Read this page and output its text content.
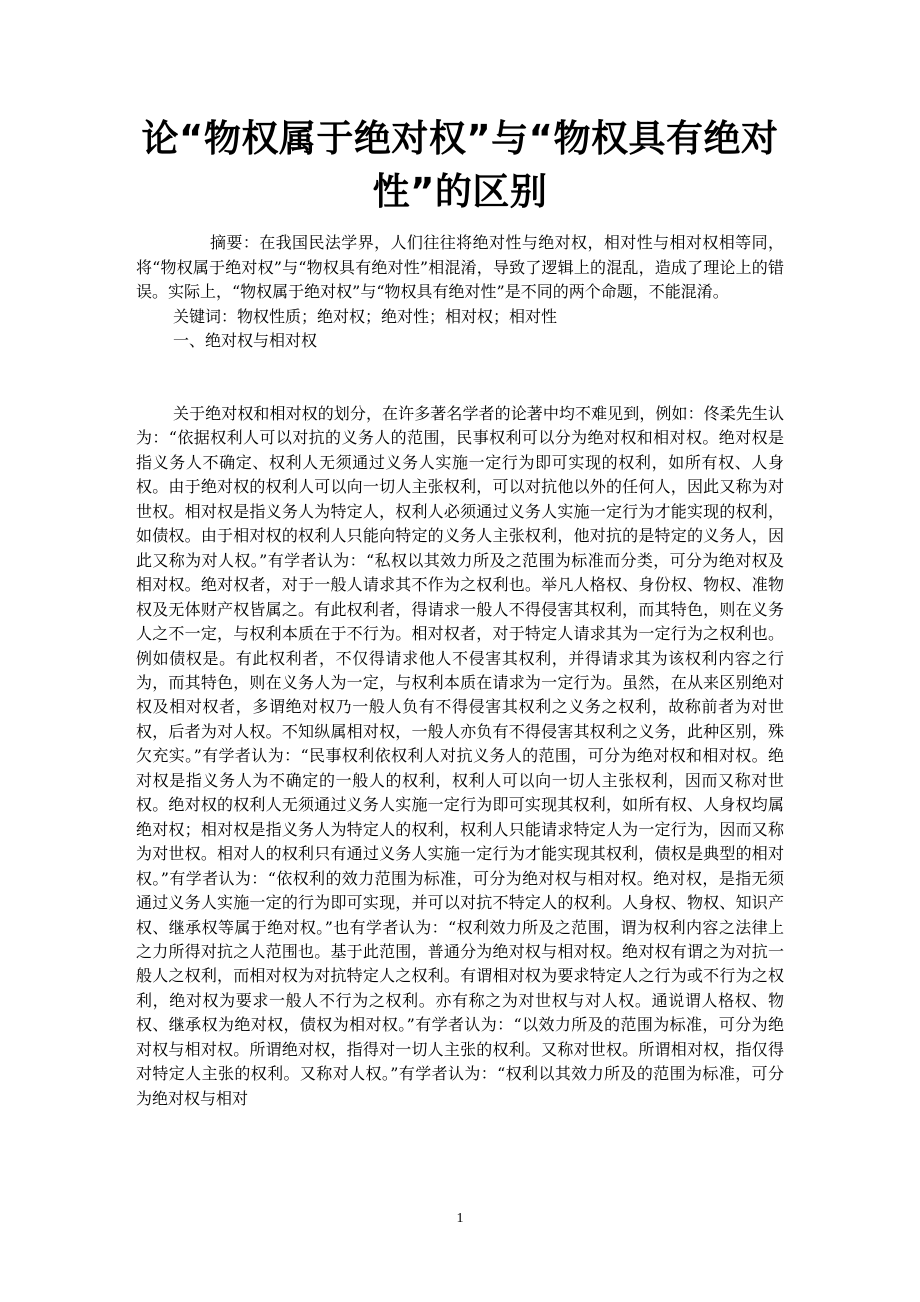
论“物权属于绝对权”与“物权具有绝对性”的区别

摘要：在我国民法学界，人们往往将绝对性与绝对权，相对性与相对权相等同，将“物权属于绝对权”与“物权具有绝对性”相混淆，导致了逻辑上的混乱，造成了理论上的错误。实际上，“物权属于绝对权”与“物权具有绝对性”是不同的两个命题，不能混淆。

关键词：物权性质；绝对权；绝对性；相对权；相对性

一、绝对权与相对权

关于绝对权和相对权的划分，在许多著名学者的论著中均不难见到，例如：佟柔先生认为：“依据权利人可以对抗的义务人的范围，民事权利可以分为绝对权和相对权。绝对权是指义务人不确定、权利人无须通过义务人实施一定行为即可实现的权利，如所有权、人身权。由于绝对权的权利人可以向一切人主张权利，可以对抗他以外的任何人，因此又称为对世权。相对权是指义务人为特定人，权利人必须通过义务人实施一定行为才能实现的权利，如债权。由于相对权的权利人只能向特定的义务人主张权利，他对抗的是特定的义务人，因此又称为对人权。”有学者认为：“私权以其效力所及之范围为标准而分类，可分为绝对权及相对权。绝对权者，对于一般人请求其不作为之权利也。举凡人格权、身份权、物权、准物权及无体财产权皆属之。有此权利者，得请求一般人不得侵害其权利，而其特色，则在义务人之不一定，与权利本质在于不行为。相对权者，对于特定人请求其为一定行为之权利也。例如债权是。有此权利者，不仅得请求他人不侵害其权利，并得请求其为该权利内容之行为，而其特色，则在义务人为一定，与权利本质在请求为一定行为。虽然，在从来区别绝对权及相对权者，多谓绝对权乃一般人负有不得侵害其权利之义务之权利，故称前者为对世权，后者为对人权。不知纵属相对权，一般人亦负有不得侵害其权利之义务，此种区别，殊欠充实。”有学者认为：“民事权利依权利人对抗义务人的范围，可分为绝对权和相对权。绝对权是指义务人为不确定的一般人的权利，权利人可以向一切人主张权利，因而又称对世权。绝对权的权利人无须通过义务人实施一定行为即可实现其权利，如所有权、人身权均属绝对权；相对权是指义务人为特定人的权利，权利人只能请求特定人为一定行为，因而又称为对世权。相对人的权利只有通过义务人实施一定行为才能实现其权利，债权是典型的相对权。”有学者认为：“依权利的效力范围为标准，可分为绝对权与相对权。绝对权，是指无须通过义务人实施一定的行为即可实现，并可以对抗不特定人的权利。人身权、物权、知识产权、继承权等属于绝对权。”也有学者认为：“权利效力所及之范围，谓为权利内容之法律上之力所得对抗之人范围也。基于此范围，普通分为绝对权与相对权。绝对权有谓之为对抗一般人之权利，而相对权为对抗特定人之权利。有谓相对权为要求特定人之行为或不行为之权利，绝对权为要求一般人不行为之权利。亦有称之为对世权与对人权。通说谓人格权、物权、继承权为绝对权，债权为相对权。”有学者认为：“以效力所及的范围为标准，可分为绝对权与相对权。所谓绝对权，指得对一切人主张的权利。又称对世权。所谓相对权，指仅得对特定人主张的权利。又称对人权。”有学者认为：“权利以其效力所及的范围为标准，可分为绝对权与相对

1
